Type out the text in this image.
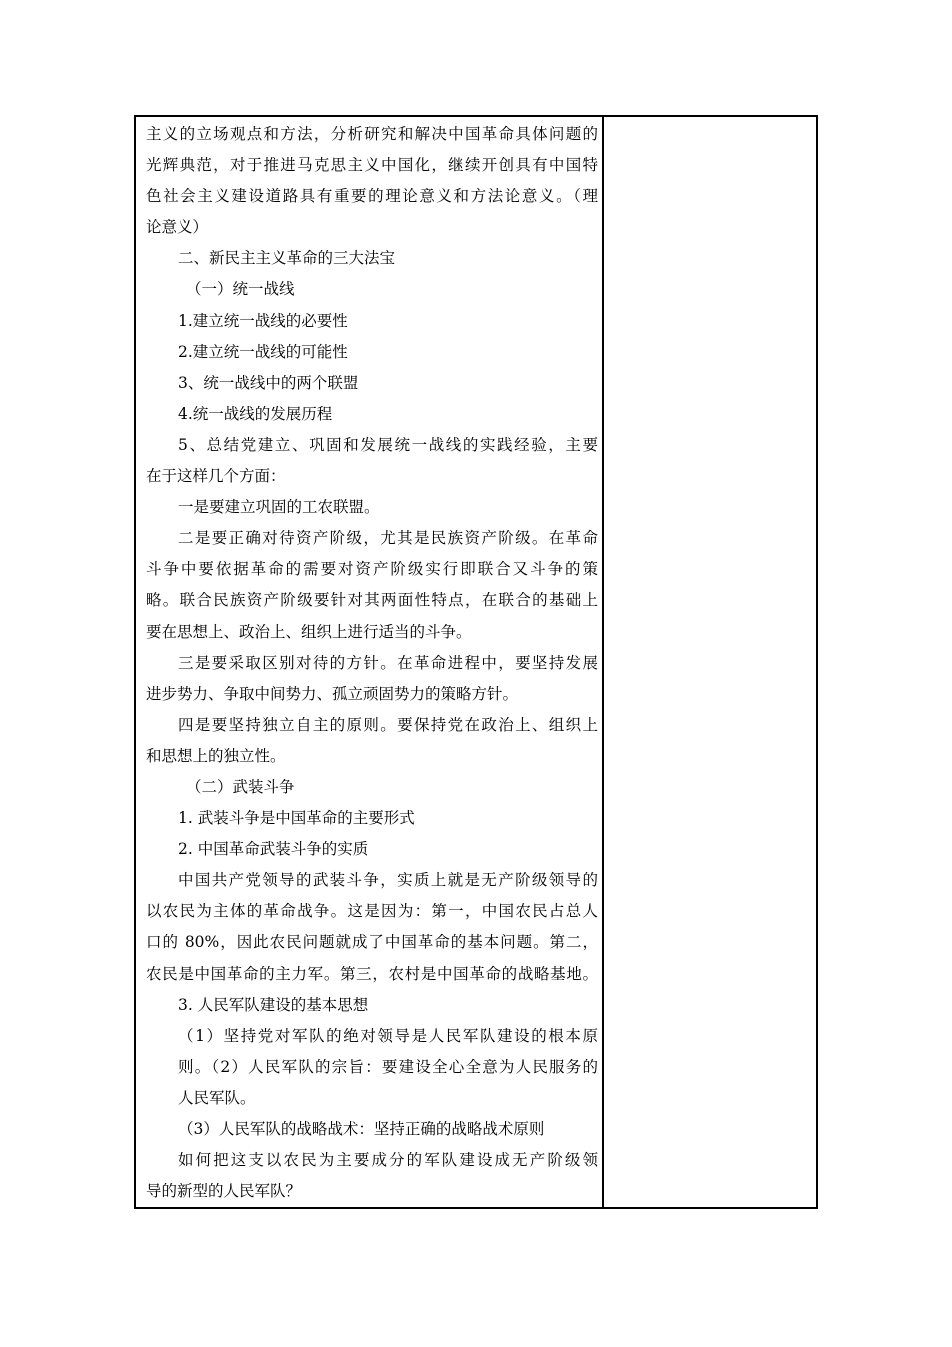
主义的立场观点和方法，分析研究和解决中国革命具体问题的
光辉典范，对于推进马克思主义中国化，继续开创具有中国特
色社会主义建设道路具有重要的理论意义和方法论意义。（理
论意义）
二、新民主主义革命的三大法宝
（一）统一战线
1.建立统一战线的必要性
2.建立统一战线的可能性
3、统一战线中的两个联盟
4.统一战线的发展历程
5、总结党建立、巩固和发展统一战线的实践经验，主要
在于这样几个方面：
一是要建立巩固的工农联盟。
二是要正确对待资产阶级，尤其是民族资产阶级。在革命
斗争中要依据革命的需要对资产阶级实行即联合又斗争的策
略。联合民族资产阶级要针对其两面性特点，在联合的基础上
要在思想上、政治上、组织上进行适当的斗争。
三是要采取区别对待的方针。在革命进程中，要坚持发展
进步势力、争取中间势力、孤立顽固势力的策略方针。
四是要坚持独立自主的原则。要保持党在政治上、组织上
和思想上的独立性。
（二）武装斗争
1. 武装斗争是中国革命的主要形式
2. 中国革命武装斗争的实质
中国共产党领导的武装斗争，实质上就是无产阶级领导的
以农民为主体的革命战争。这是因为：第一，中国农民占总人
口的 80%，因此农民问题就成了中国革命的基本问题。第二，
农民是中国革命的主力军。第三，农村是中国革命的战略基地。
3. 人民军队建设的基本思想
（1）坚持党对军队的绝对领导是人民军队建设的根本原
则。（2）人民军队的宗旨：要建设全心全意为人民服务的
人民军队。
（3）人民军队的战略战术：坚持正确的战略战术原则
如何把这支以农民为主要成分的军队建设成无产阶级领
导的新型的人民军队？
